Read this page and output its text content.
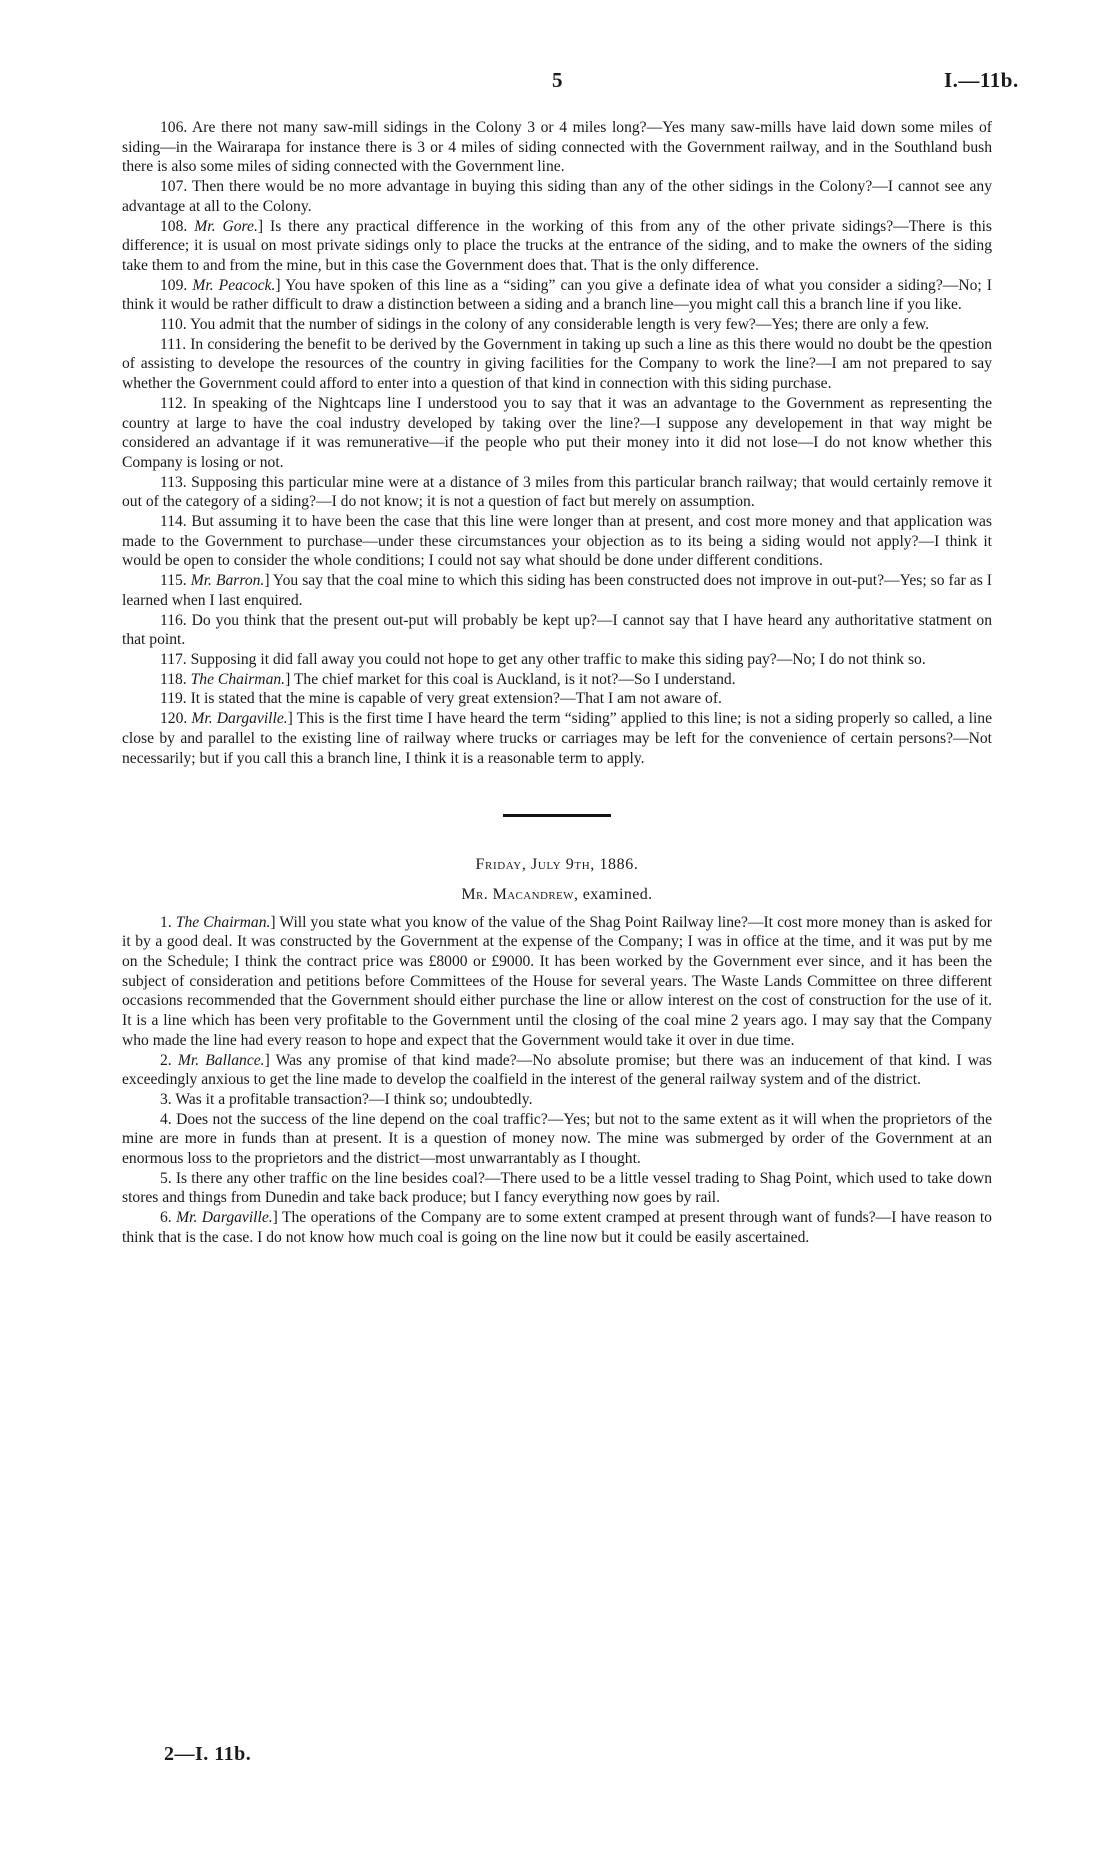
5	I.—11b.

106. Are there not many saw-mill sidings in the Colony 3 or 4 miles long?—Yes many saw-mills have laid down some miles of siding—in the Wairarapa for instance there is 3 or 4 miles of siding connected with the Government railway, and in the Southland bush there is also some miles of siding connected with the Government line.

107. Then there would be no more advantage in buying this siding than any of the other sidings in the Colony?—I cannot see any advantage at all to the Colony.

108. Mr. Gore.] Is there any practical difference in the working of this from any of the other private sidings?—There is this difference; it is usual on most private sidings only to place the trucks at the entrance of the siding, and to make the owners of the siding take them to and from the mine, but in this case the Government does that. That is the only difference.

109. Mr. Peacock.] You have spoken of this line as a “siding” can you give a definate idea of what you consider a siding?—No; I think it would be rather difficult to draw a distinction between a siding and a branch line—you might call this a branch line if you like.

110. You admit that the number of sidings in the colony of any considerable length is very few?—Yes; there are only a few.

111. In considering the benefit to be derived by the Government in taking up such a line as this there would no doubt be the qpestion of assisting to develope the resources of the country in giving facilities for the Company to work the line?—I am not prepared to say whether the Government could afford to enter into a question of that kind in connection with this siding purchase.

112. In speaking of the Nightcaps line I understood you to say that it was an advantage to the Government as representing the country at large to have the coal industry developed by taking over the line?—I suppose any developement in that way might be considered an advantage if it was remunerative—if the people who put their money into it did not lose—I do not know whether this Company is losing or not.

113. Supposing this particular mine were at a distance of 3 miles from this particular branch railway; that would certainly remove it out of the category of a siding?—I do not know; it is not a question of fact but merely on assumption.

114. But assuming it to have been the case that this line were longer than at present, and cost more money and that application was made to the Government to purchase—under these circumstances your objection as to its being a siding would not apply?—I think it would be open to consider the whole conditions; I could not say what should be done under different conditions.

115. Mr. Barron.] You say that the coal mine to which this siding has been constructed does not improve in out-put?—Yes; so far as I learned when I last enquired.

116. Do you think that the present out-put will probably be kept up?—I cannot say that I have heard any authoritative statment on that point.

117. Supposing it did fall away you could not hope to get any other traffic to make this siding pay?—No; I do not think so.

118. The Chairman.] The chief market for this coal is Auckland, is it not?—So I understand.

119. It is stated that the mine is capable of very great extension?—That I am not aware of.

120. Mr. Dargaville.] This is the first time I have heard the term “siding” applied to this line; is not a siding properly so called, a line close by and parallel to the existing line of railway where trucks or carriages may be left for the convenience of certain persons?—Not necessarily; but if you call this a branch line, I think it is a reasonable term to apply.

Friday, July 9th, 1886.
Mr. Macandrew, examined.

1. The Chairman.] Will you state what you know of the value of the Shag Point Railway line?—It cost more money than is asked for it by a good deal. It was constructed by the Government at the expense of the Company; I was in office at the time, and it was put by me on the Schedule; I think the contract price was £8000 or £9000. It has been worked by the Government ever since, and it has been the subject of consideration and petitions before Committees of the House for several years. The Waste Lands Committee on three different occasions recommended that the Government should either purchase the line or allow interest on the cost of construction for the use of it. It is a line which has been very profitable to the Government until the closing of the coal mine 2 years ago. I may say that the Company who made the line had every reason to hope and expect that the Government would take it over in due time.

2. Mr. Ballance.] Was any promise of that kind made?—No absolute promise; but there was an inducement of that kind. I was exceedingly anxious to get the line made to develop the coalfield in the interest of the general railway system and of the district.

3. Was it a profitable transaction?—I think so; undoubtedly.

4. Does not the success of the line depend on the coal traffic?—Yes; but not to the same extent as it will when the proprietors of the mine are more in funds than at present. It is a question of money now. The mine was submerged by order of the Government at an enormous loss to the proprietors and the district—most unwarrantably as I thought.

5. Is there any other traffic on the line besides coal?—There used to be a little vessel trading to Shag Point, which used to take down stores and things from Dunedin and take back produce; but I fancy everything now goes by rail.

6. Mr. Dargaville.] The operations of the Company are to some extent cramped at present through want of funds?—I have reason to think that is the case. I do not know how much coal is going on the line now but it could be easily ascertained.

2—I. 11b.
